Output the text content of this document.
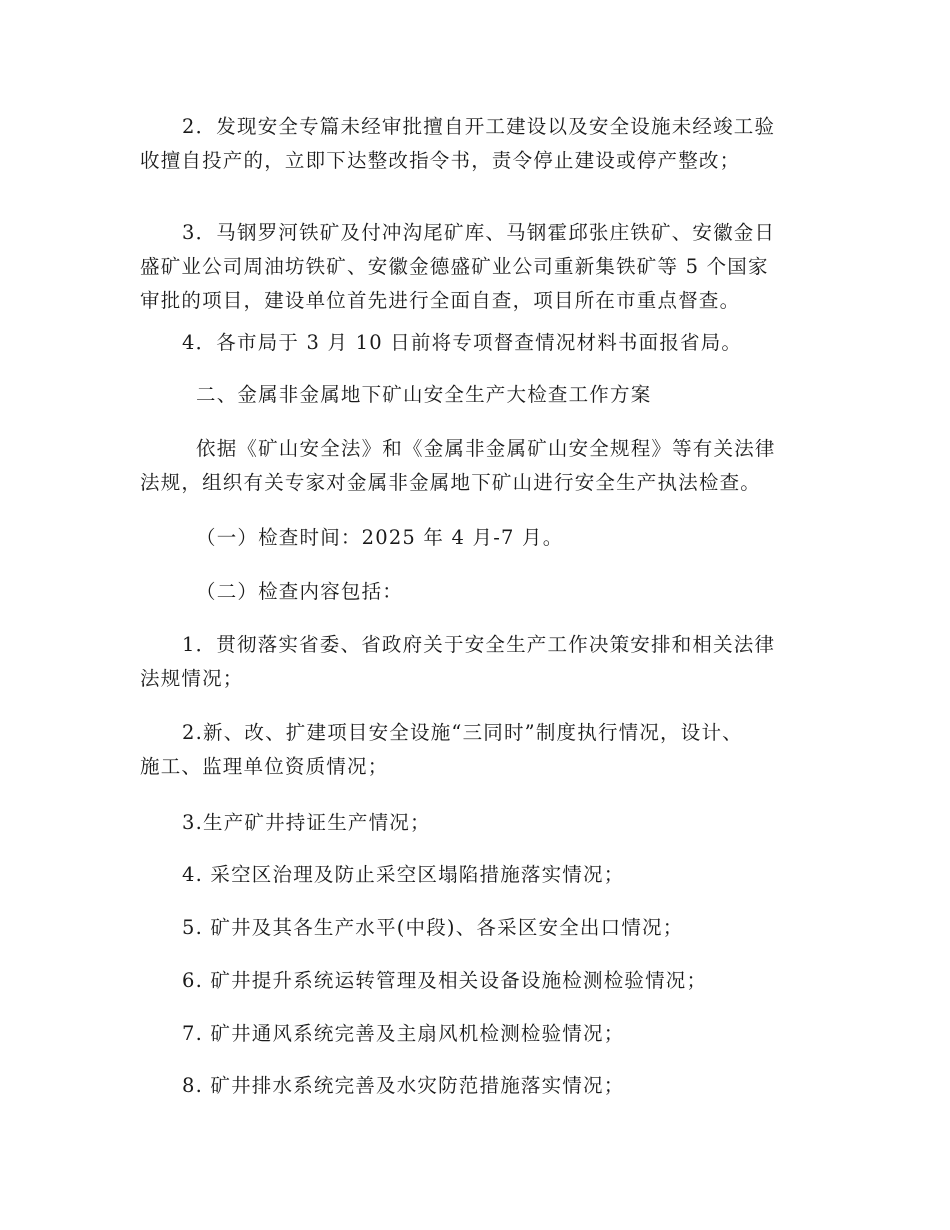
2．发现安全专篇未经审批擅自开工建设以及安全设施未经竣工验
收擅自投产的，立即下达整改指令书，责令停止建设或停产整改；
3．马钢罗河铁矿及付冲沟尾矿库、马钢霍邱张庄铁矿、安徽金日
盛矿业公司周油坊铁矿、安徽金德盛矿业公司重新集铁矿等 5 个国家
审批的项目，建设单位首先进行全面自查，项目所在市重点督查。
4．各市局于 3 月 10 日前将专项督查情况材料书面报省局。
二、金属非金属地下矿山安全生产大检查工作方案
依据《矿山安全法》和《金属非金属矿山安全规程》等有关法律
法规，组织有关专家对金属非金属地下矿山进行安全生产执法检查。
（一）检查时间：2025 年 4 月-7 月。
（二）检查内容包括：
1．贯彻落实省委、省政府关于安全生产工作决策安排和相关法律
法规情况；
2.新、改、扩建项目安全设施“三同时”制度执行情况，设计、
施工、监理单位资质情况；
3.生产矿井持证生产情况；
4. 采空区治理及防止采空区塌陷措施落实情况；
5. 矿井及其各生产水平(中段)、各采区安全出口情况；
6. 矿井提升系统运转管理及相关设备设施检测检验情况；
7. 矿井通风系统完善及主扇风机检测检验情况；
8. 矿井排水系统完善及水灾防范措施落实情况；
